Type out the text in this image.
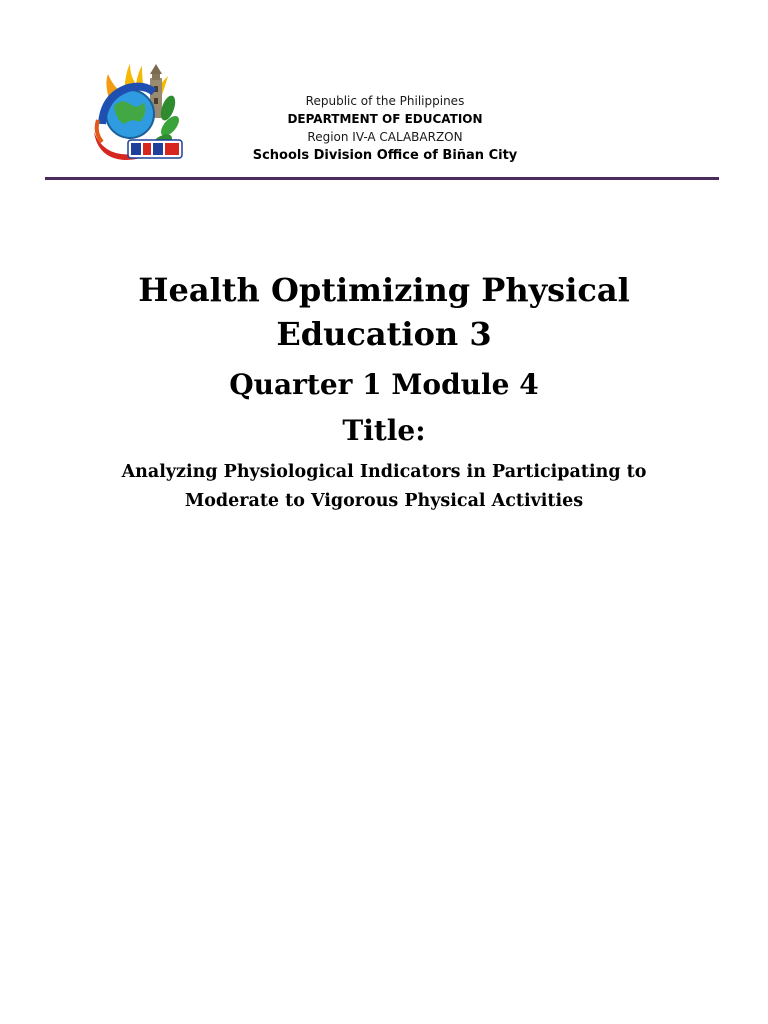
Republic of the Philippines
DEPARTMENT OF EDUCATION
Region IV-A CALABARZON
Schools Division Office of Biñan City
Health Optimizing Physical
Education 3
Quarter 1 Module 4
Title:
Analyzing Physiological Indicators in Participating to
Moderate to Vigorous Physical Activities
